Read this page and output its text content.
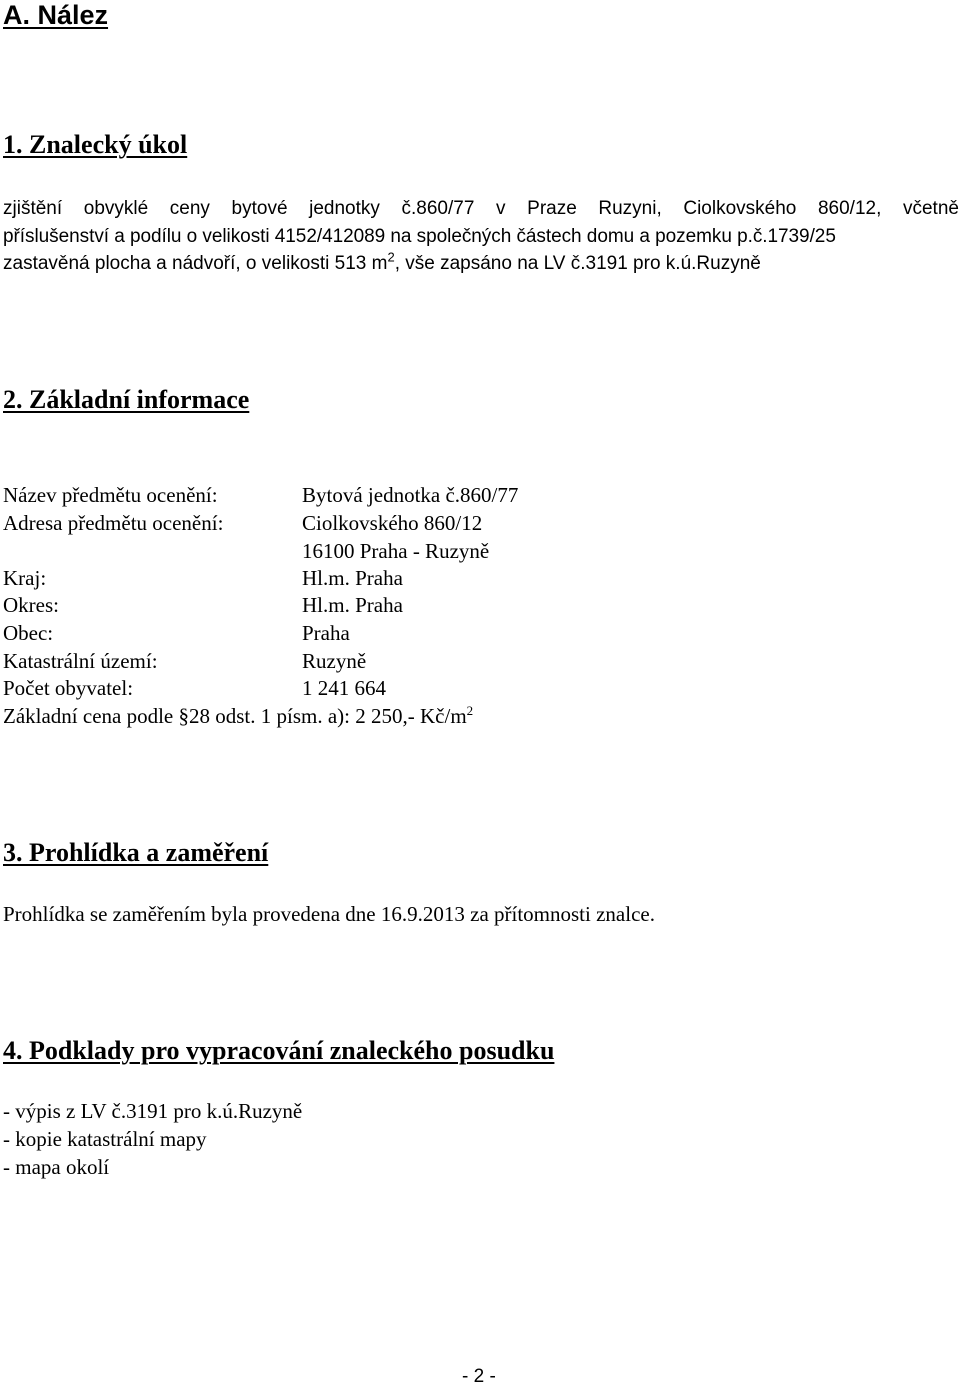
A. Nález
1. Znalecký úkol
zjištění obvyklé ceny bytové jednotky č.860/77 v Praze Ruzyni, Ciolkovského 860/12, včetně
příslušenství a podílu o velikosti 4152/412089 na společných částech domu a pozemku p.č.1739/25
zastavěná plocha a nádvoří, o velikosti 513 $m^2$, vše zapsáno na LV č.3191 pro k.ú.Ruzyně
2. Základní informace
Název předmětu ocenění:	Bytová jednotka č.860/77
Adresa předmětu ocenění:	Ciolkovského 860/12
16100 Praha - Ruzyně
Kraj:	Hl.m. Praha
Okres:	Hl.m. Praha
Obec:	Praha
Katastrální území:	Ruzyně
Počet obyvatel:	1 241 664
Základní cena podle §28 odst. 1 písm. a): 2 250,- $Kč/m^2$
3. Prohlídka a zaměření
Prohlídka se zaměřením byla provedena dne 16.9.2013 za přítomnosti znalce.
4. Podklady pro vypracování znaleckého posudku
- výpis z LV č.3191 pro k.ú.Ruzyně
- kopie katastrální mapy
- mapa okolí
- 2 -
